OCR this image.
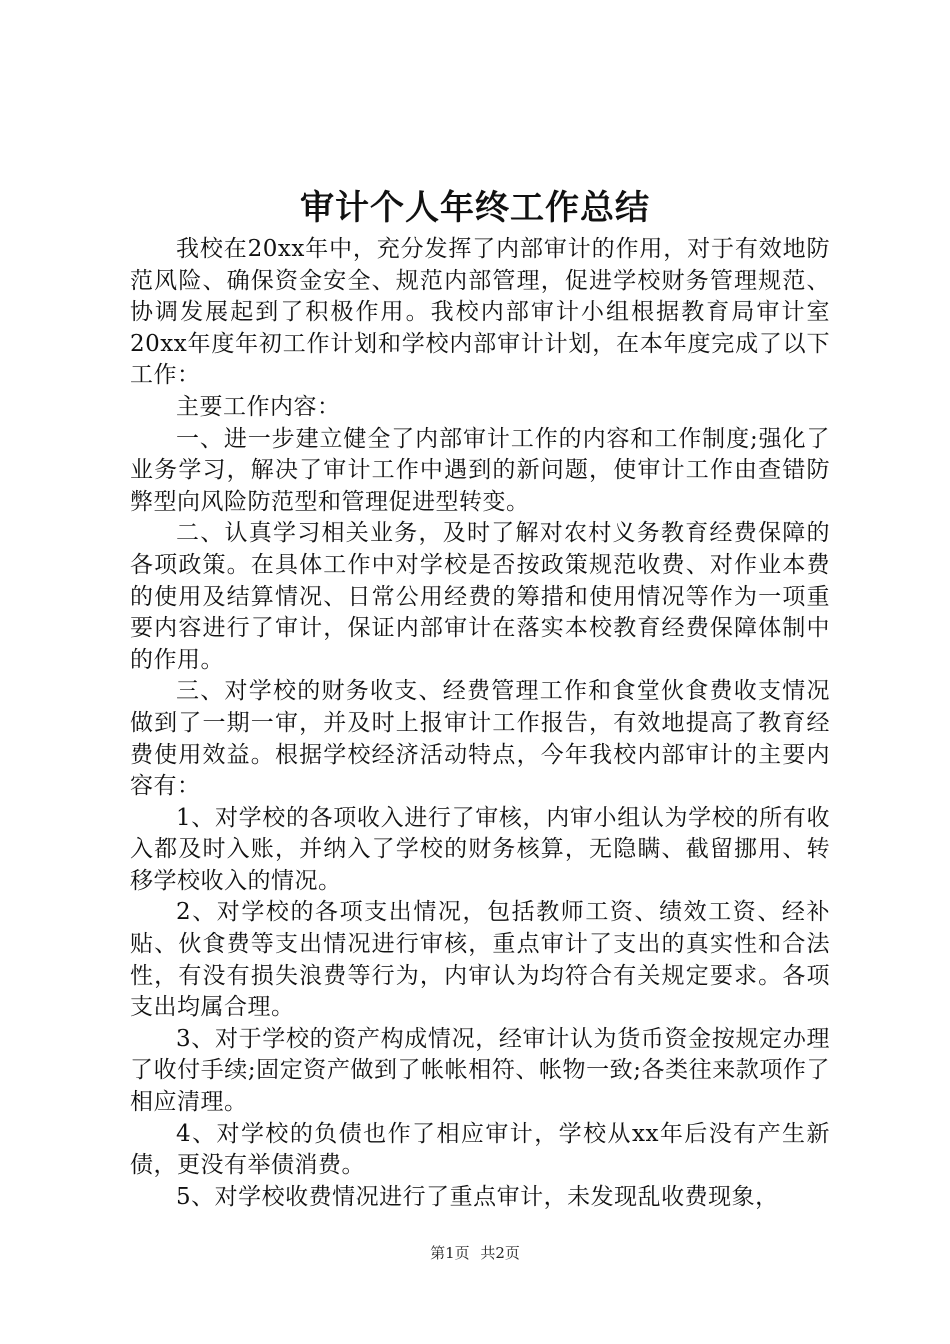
审计个人年终工作总结

我校在20xx年中，充分发挥了内部审计的作用，对于有效地防范风险、确保资金安全、规范内部管理，促进学校财务管理规范、协调发展起到了积极作用。我校内部审计小组根据教育局审计室20xx年度年初工作计划和学校内部审计计划，在本年度完成了以下工作：

主要工作内容：

一、进一步建立健全了内部审计工作的内容和工作制度;强化了业务学习，解决了审计工作中遇到的新问题，使审计工作由查错防弊型向风险防范型和管理促进型转变。

二、认真学习相关业务，及时了解对农村义务教育经费保障的各项政策。在具体工作中对学校是否按政策规范收费、对作业本费的使用及结算情况、日常公用经费的筹措和使用情况等作为一项重要内容进行了审计，保证内部审计在落实本校教育经费保障体制中的作用。

三、对学校的财务收支、经费管理工作和食堂伙食费收支情况做到了一期一审，并及时上报审计工作报告，有效地提高了教育经费使用效益。根据学校经济活动特点，今年我校内部审计的主要内容有：

1、对学校的各项收入进行了审核，内审小组认为学校的所有收入都及时入账，并纳入了学校的财务核算，无隐瞒、截留挪用、转移学校收入的情况。

2、对学校的各项支出情况，包括教师工资、绩效工资、经补贴、伙食费等支出情况进行审核，重点审计了支出的真实性和合法性，有没有损失浪费等行为，内审认为均符合有关规定要求。各项支出均属合理。

3、对于学校的资产构成情况，经审计认为货币资金按规定办理了收付手续;固定资产做到了帐帐相符、帐物一致;各类往来款项作了相应清理。

4、对学校的负债也作了相应审计，学校从xx年后没有产生新债，更没有举债消费。

5、对学校收费情况进行了重点审计，未发现乱收费现象，

第1页 共2页
